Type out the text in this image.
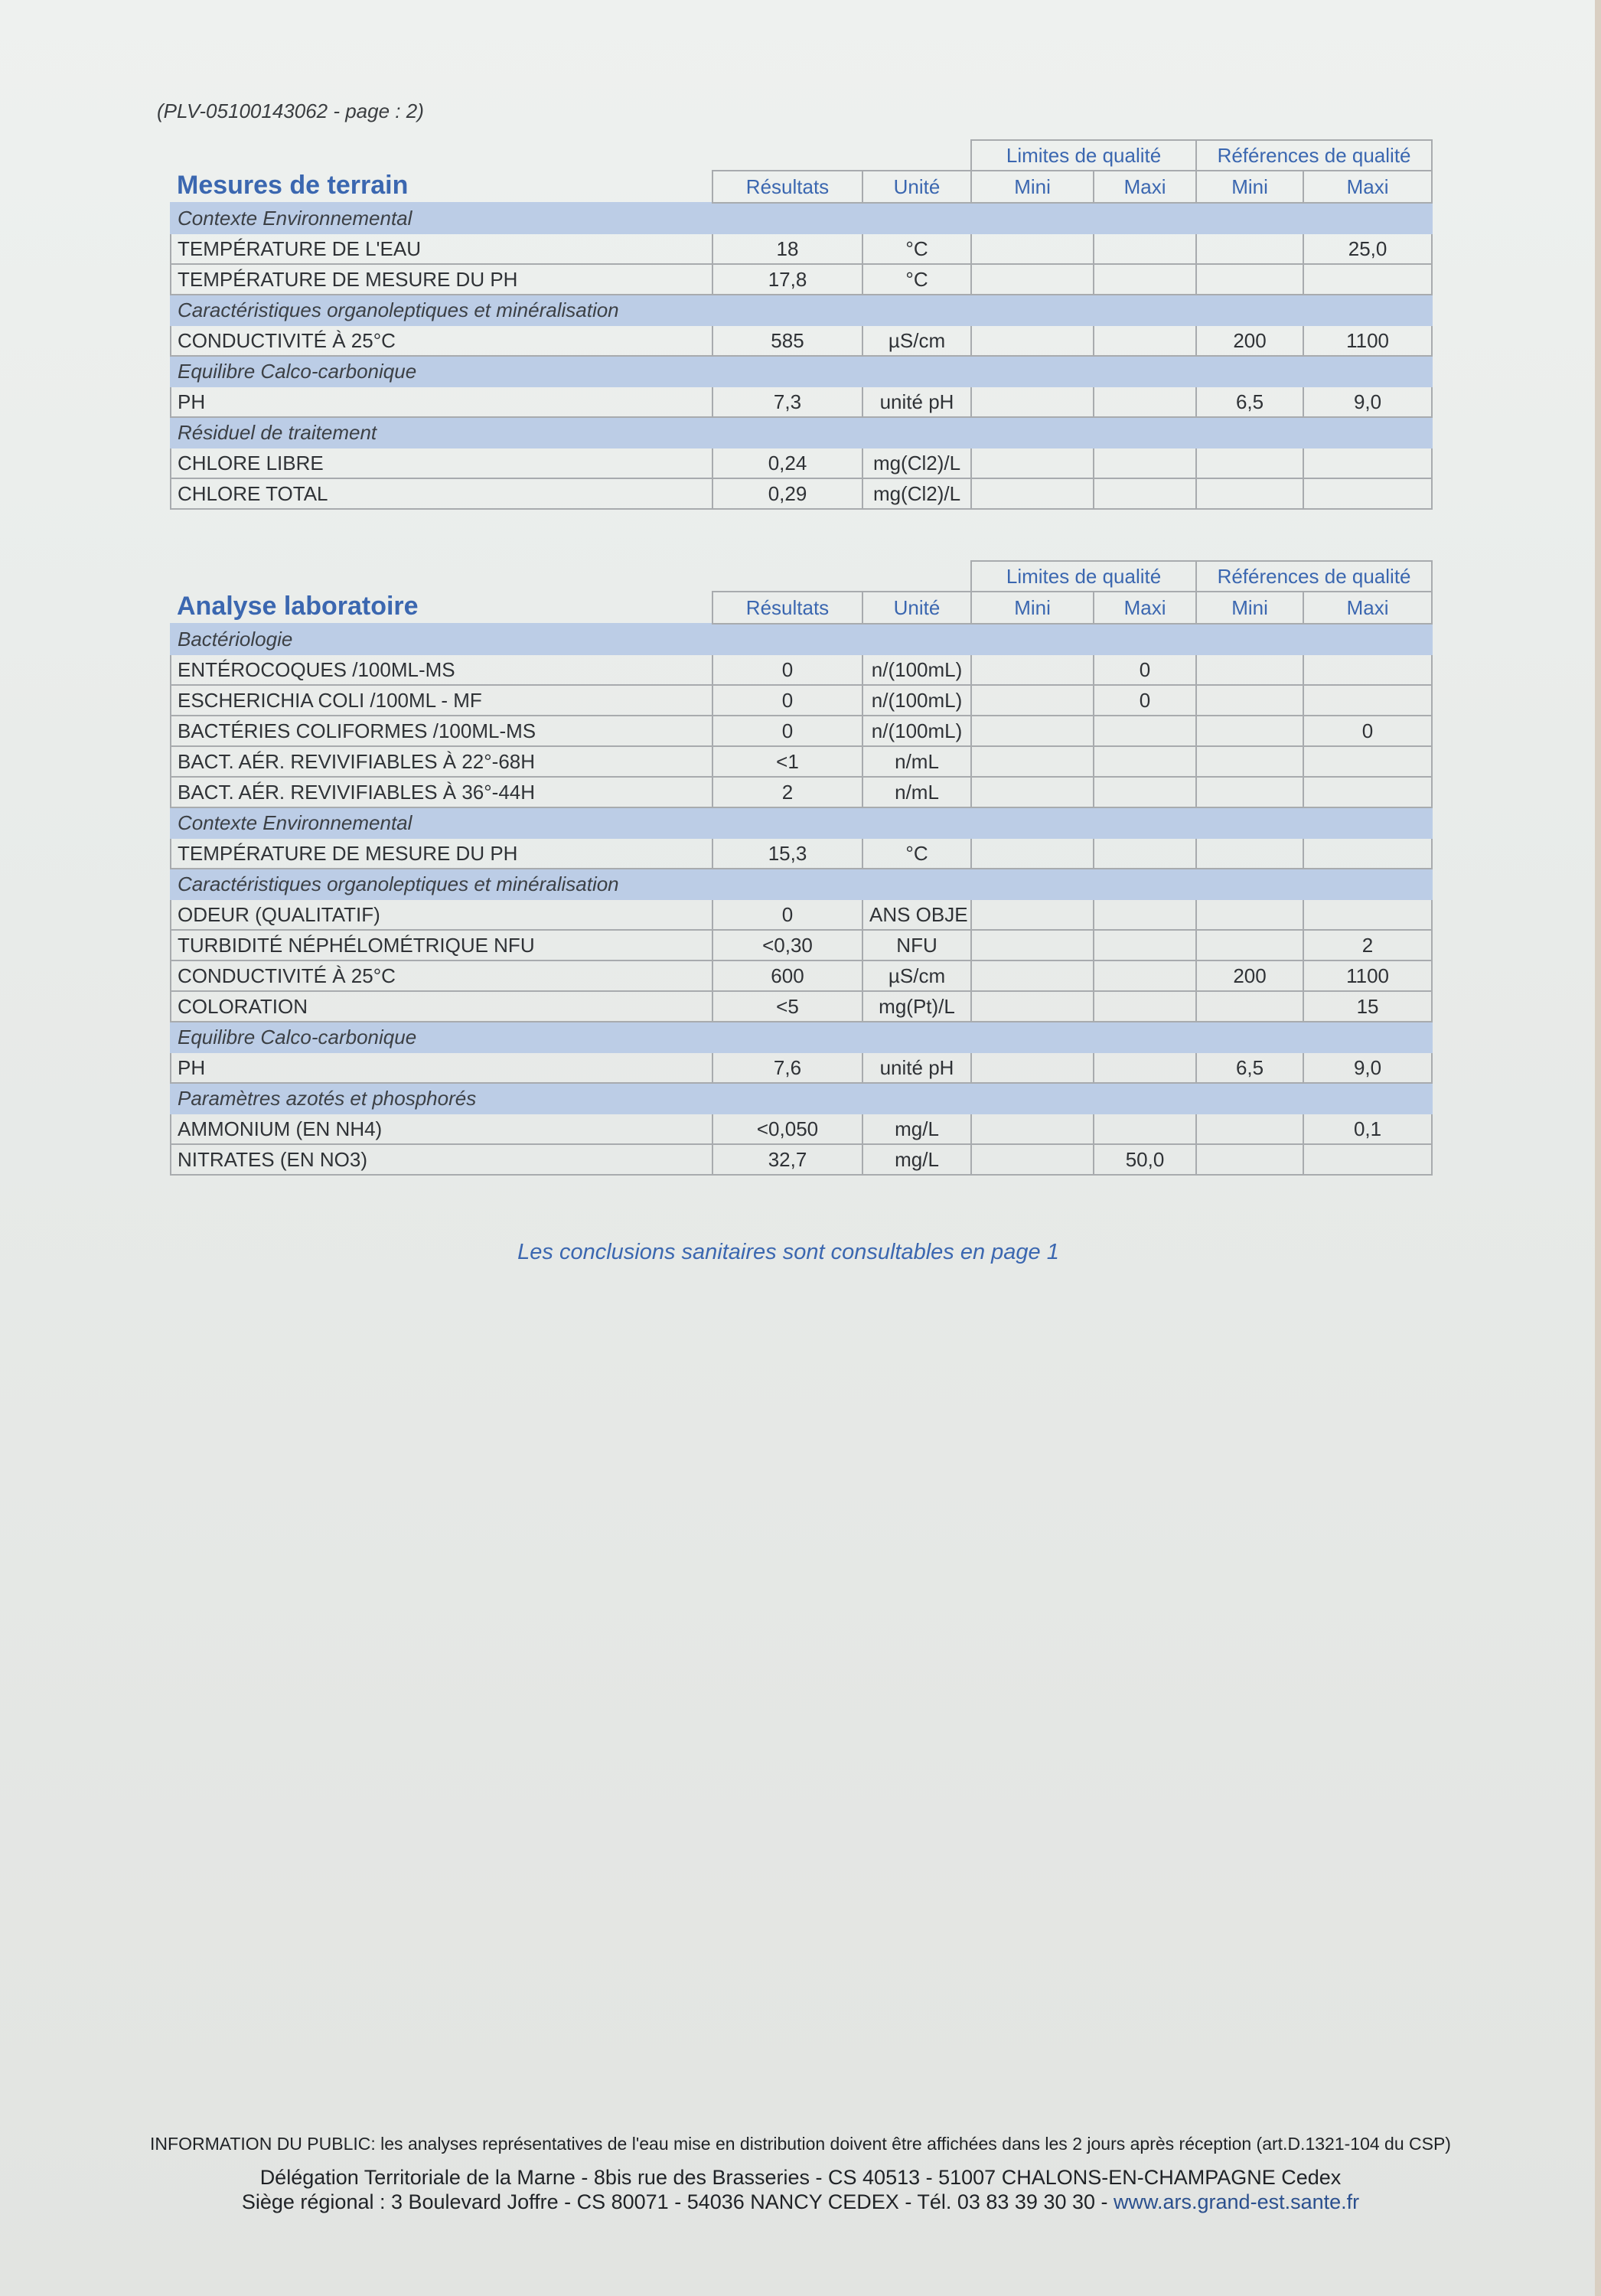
(PLV-05100143062 - page : 2)
			Limites de qualité		Références de qualité	
Mesures de terrain	Résultats	Unité	Mini	Maxi	Mini	Maxi
Contexte Environnemental						
TEMPÉRATURE DE L'EAU	18	°C				25,0
TEMPÉRATURE DE MESURE DU PH	17,8	°C				
Caractéristiques organoleptiques et minéralisation						
CONDUCTIVITÉ À 25°C	585	µS/cm			200	1100
Equilibre Calco-carbonique						
PH	7,3	unité pH			6,5	9,0
Résiduel de traitement						
CHLORE LIBRE	0,24	mg(Cl2)/L				
CHLORE TOTAL	0,29	mg(Cl2)/L				
			Limites de qualité		Références de qualité	
Analyse laboratoire	Résultats	Unité	Mini	Maxi	Mini	Maxi
Bactériologie						
ENTÉROCOQUES /100ML-MS	0	n/(100mL)		0		
ESCHERICHIA COLI /100ML - MF	0	n/(100mL)		0		
BACTÉRIES COLIFORMES /100ML-MS	0	n/(100mL)				0
BACT. AÉR. REVIVIFIABLES À 22°-68H	<1	n/mL				
BACT. AÉR. REVIVIFIABLES À 36°-44H	2	n/mL				
Contexte Environnemental						
TEMPÉRATURE DE MESURE DU PH	15,3	°C				
Caractéristiques organoleptiques et minéralisation						
ODEUR (QUALITATIF)	0	ANS OBJE				
TURBIDITÉ NÉPHÉLOMÉTRIQUE NFU	<0,30	NFU				2
CONDUCTIVITÉ À 25°C	600	µS/cm			200	1100
COLORATION	<5	mg(Pt)/L				15
Equilibre Calco-carbonique						
PH	7,6	unité pH			6,5	9,0
Paramètres azotés et phosphorés						
AMMONIUM (EN NH4)	<0,050	mg/L				0,1
NITRATES (EN NO3)	32,7	mg/L		50,0		
Les conclusions sanitaires sont consultables en page 1
INFORMATION DU PUBLIC: les analyses représentatives de l'eau mise en distribution doivent être affichées dans les 2 jours après réception (art.D.1321-104 du CSP)
Délégation Territoriale de la Marne - 8bis rue des Brasseries - CS 40513 - 51007 CHALONS-EN-CHAMPAGNE Cedex
Siège régional : 3 Boulevard Joffre - CS 80071 - 54036 NANCY CEDEX - Tél. 03 83 39 30 30 - www.ars.grand-est.sante.fr
